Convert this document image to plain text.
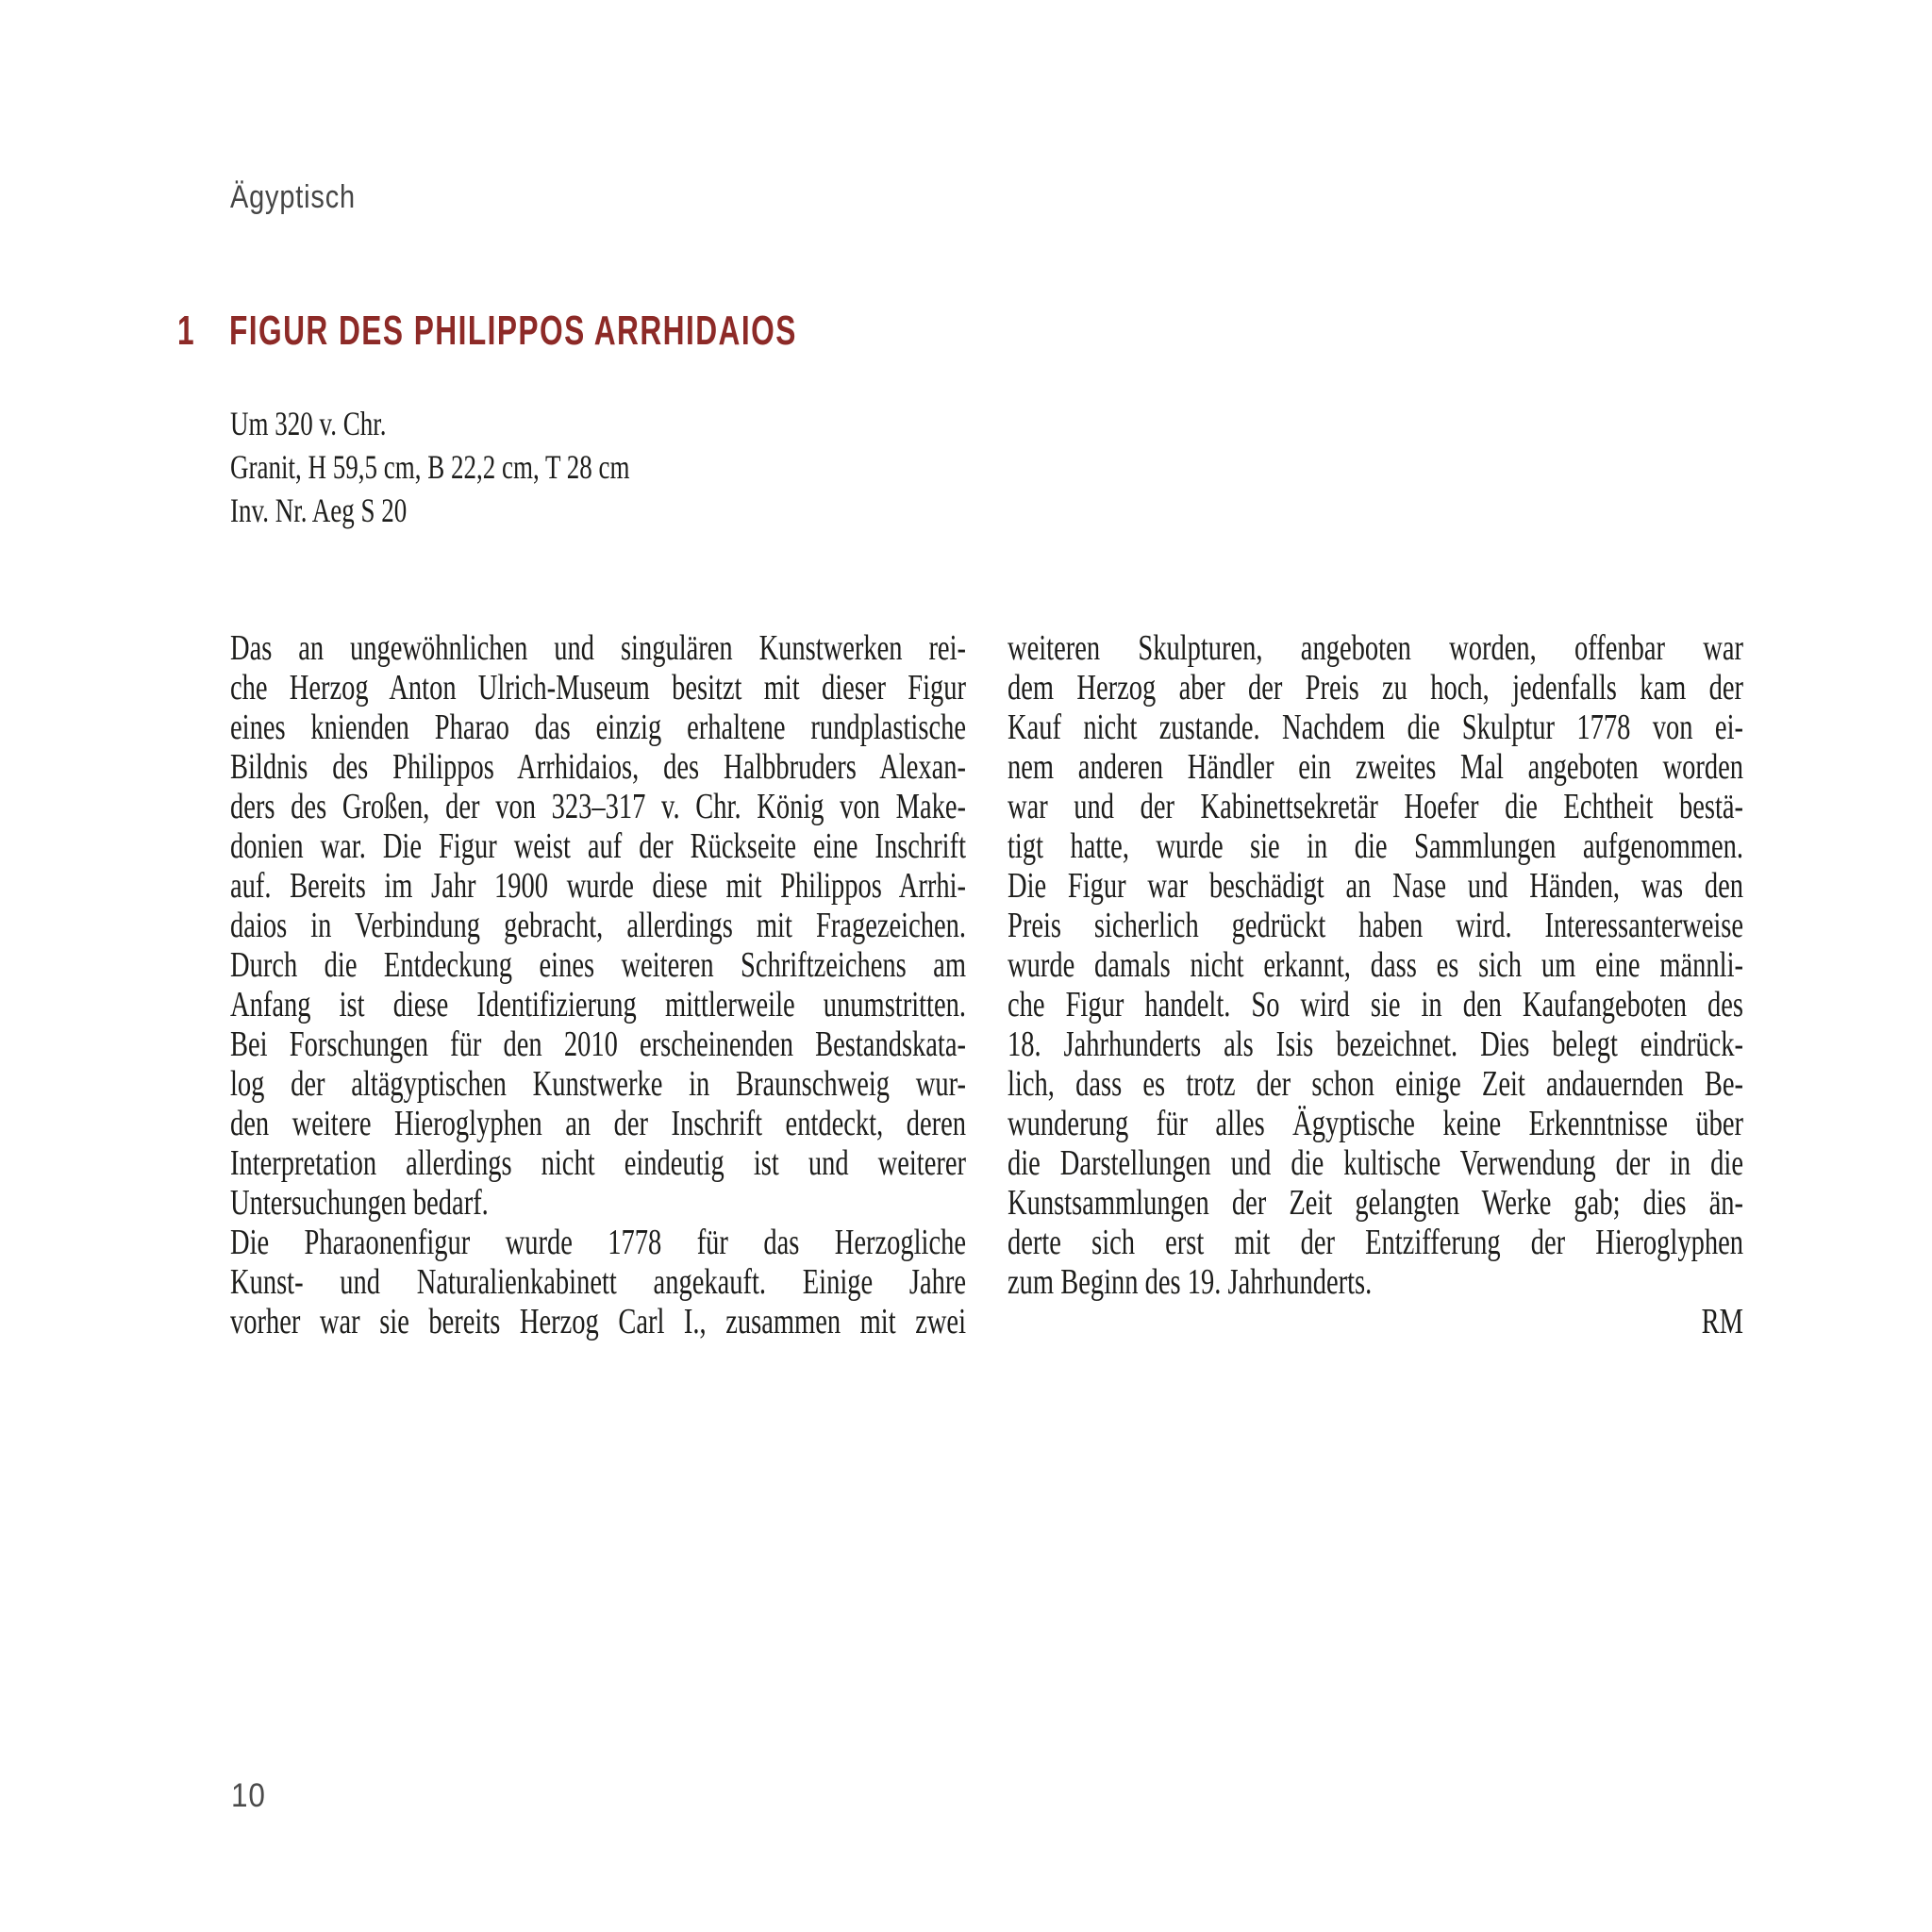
Ägyptisch
1 FIGUR DES PHILIPPOS ARRHIDAIOS
Um 320 v. Chr.
Granit, H 59,5 cm, B 22,2 cm, T 28 cm
Inv. Nr. Aeg S 20
Das an ungewöhnlichen und singulären Kunstwerken rei-
che Herzog Anton Ulrich-Museum besitzt mit dieser Figur
eines knienden Pharao das einzig erhaltene rundplastische
Bildnis des Philippos Arrhidaios, des Halbbruders Alexan-
ders des Großen, der von 323–317 v. Chr. König von Make-
donien war. Die Figur weist auf der Rückseite eine Inschrift
auf. Bereits im Jahr 1900 wurde diese mit Philippos Arrhi-
daios in Verbindung gebracht, allerdings mit Fragezeichen.
Durch die Entdeckung eines weiteren Schriftzeichens am
Anfang ist diese Identifizierung mittlerweile unumstritten.
Bei Forschungen für den 2010 erscheinenden Bestandskata-
log der altägyptischen Kunstwerke in Braunschweig wur-
den weitere Hieroglyphen an der Inschrift entdeckt, deren
Interpretation allerdings nicht eindeutig ist und weiterer
Untersuchungen bedarf.
Die Pharaonenfigur wurde 1778 für das Herzogliche
Kunst- und Naturalienkabinett angekauft. Einige Jahre
vorher war sie bereits Herzog Carl I., zusammen mit zwei
weiteren Skulpturen, angeboten worden, offenbar war
dem Herzog aber der Preis zu hoch, jedenfalls kam der
Kauf nicht zustande. Nachdem die Skulptur 1778 von ei-
nem anderen Händler ein zweites Mal angeboten worden
war und der Kabinettsekretär Hoefer die Echtheit bestä-
tigt hatte, wurde sie in die Sammlungen aufgenommen.
Die Figur war beschädigt an Nase und Händen, was den
Preis sicherlich gedrückt haben wird. Interessanterweise
wurde damals nicht erkannt, dass es sich um eine männli-
che Figur handelt. So wird sie in den Kaufangeboten des
18. Jahrhunderts als Isis bezeichnet. Dies belegt eindrück-
lich, dass es trotz der schon einige Zeit andauernden Be-
wunderung für alles Ägyptische keine Erkenntnisse über
die Darstellungen und die kultische Verwendung der in die
Kunstsammlungen der Zeit gelangten Werke gab; dies än-
derte sich erst mit der Entzifferung der Hieroglyphen
zum Beginn des 19. Jahrhunderts.
RM
10
